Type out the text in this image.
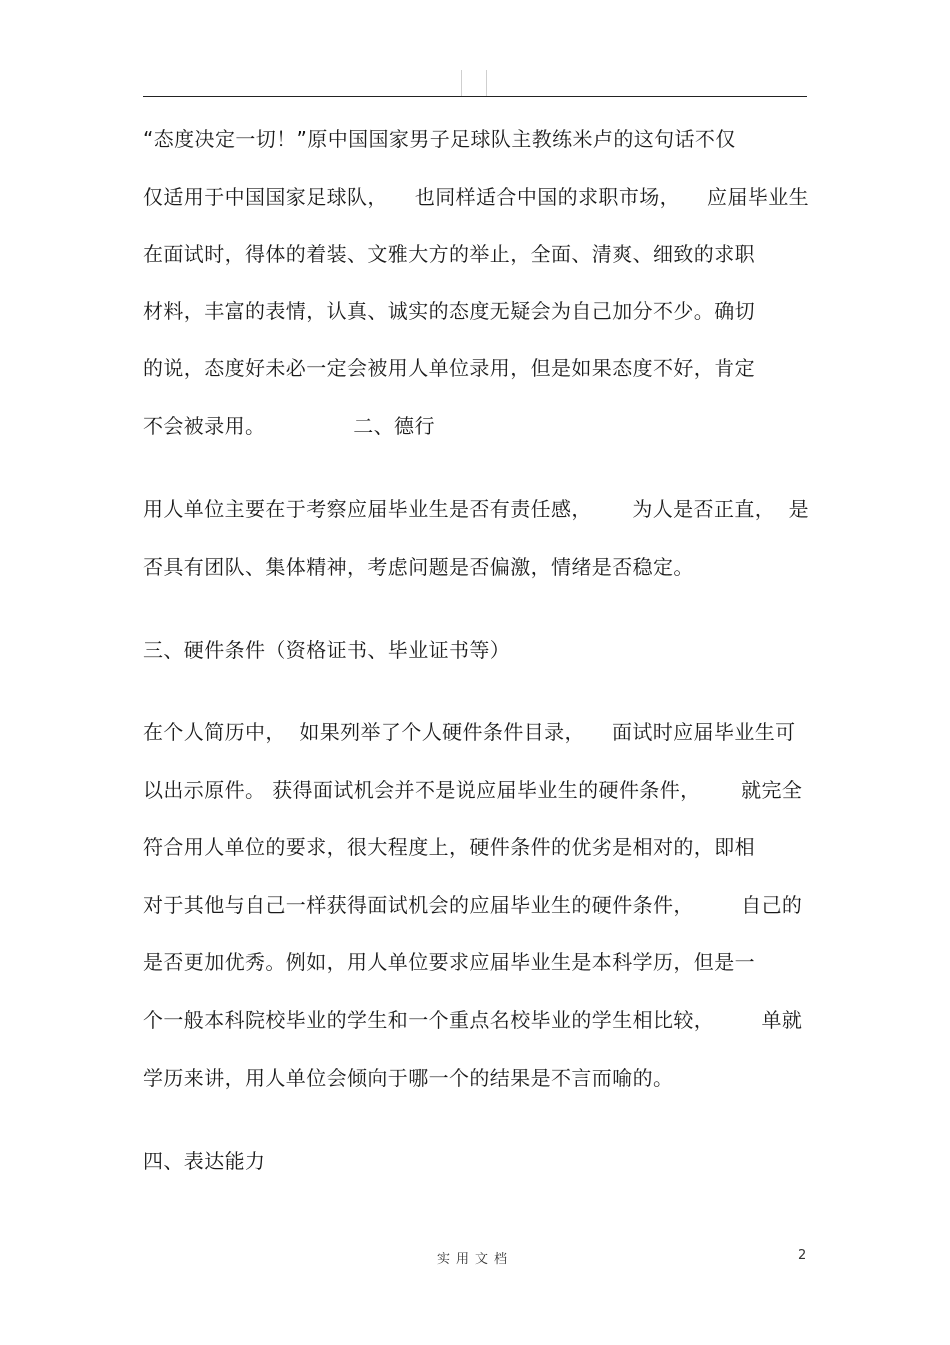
“态度决定一切！”原中国国家男子足球队主教练米卢的这句话不仅
仅适用于中国国家足球队，    也同样适合中国的求职市场，    应届毕业生
在面试时，得体的着装、文雅大方的举止，全面、清爽、细致的求职
材料，丰富的表情，认真、诚实的态度无疑会为自己加分不少。确切
的说，态度好未必一定会被用人单位录用，但是如果态度不好，肯定
不会被录用。             二、德行
用人单位主要在于考察应届毕业生是否有责任感，      为人是否正直，  是
否具有团队、集体精神，考虑问题是否偏激，情绪是否稳定。
三、硬件条件（资格证书、毕业证书等）
在个人简历中，  如果列举了个人硬件条件目录，    面试时应届毕业生可
以出示原件。 获得面试机会并不是说应届毕业生的硬件条件，      就完全
符合用人单位的要求，很大程度上，硬件条件的优劣是相对的，即相
对于其他与自己一样获得面试机会的应届毕业生的硬件条件，       自己的
是否更加优秀。例如，用人单位要求应届毕业生是本科学历，但是一
个一般本科院校毕业的学生和一个重点名校毕业的学生相比较，       单就
学历来讲，用人单位会倾向于哪一个的结果是不言而喻的。
四、表达能力
实用文档	2
